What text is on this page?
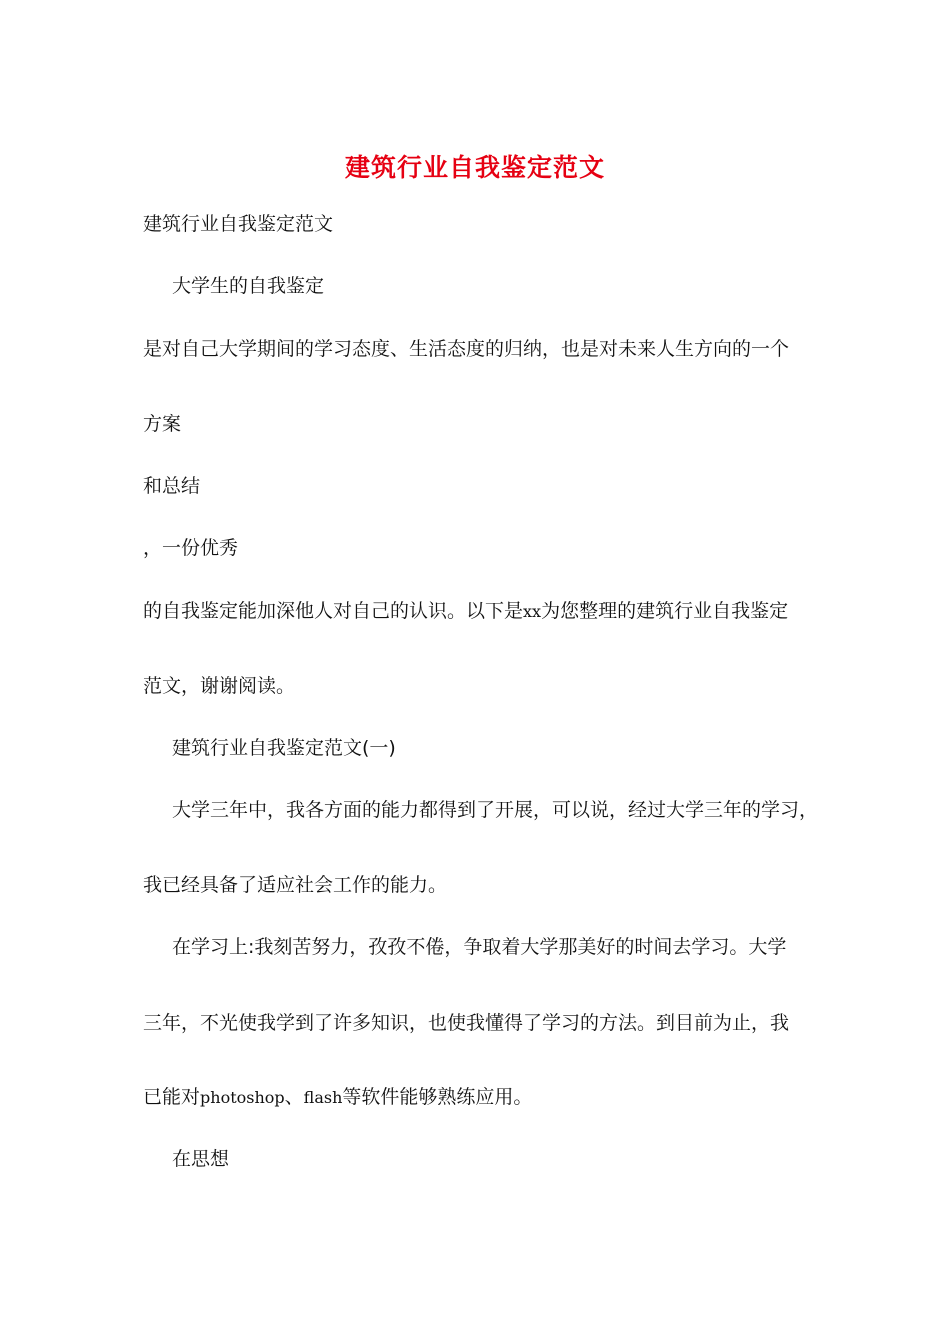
建筑行业自我鉴定范文
建筑行业自我鉴定范文
大学生的自我鉴定
是对自己大学期间的学习态度、生活态度的归纳，也是对未来人生方向的一个
方案
和总结
，一份优秀
的自我鉴定能加深他人对自己的认识。以下是xx为您整理的建筑行业自我鉴定
范文，谢谢阅读。
建筑行业自我鉴定范文(一)
大学三年中，我各方面的能力都得到了开展，可以说，经过大学三年的学习，
我已经具备了适应社会工作的能力。
在学习上:我刻苦努力，孜孜不倦，争取着大学那美好的时间去学习。大学
三年，不光使我学到了许多知识，也使我懂得了学习的方法。到目前为止，我
已能对photoshop、flash等软件能够熟练应用。
在思想
